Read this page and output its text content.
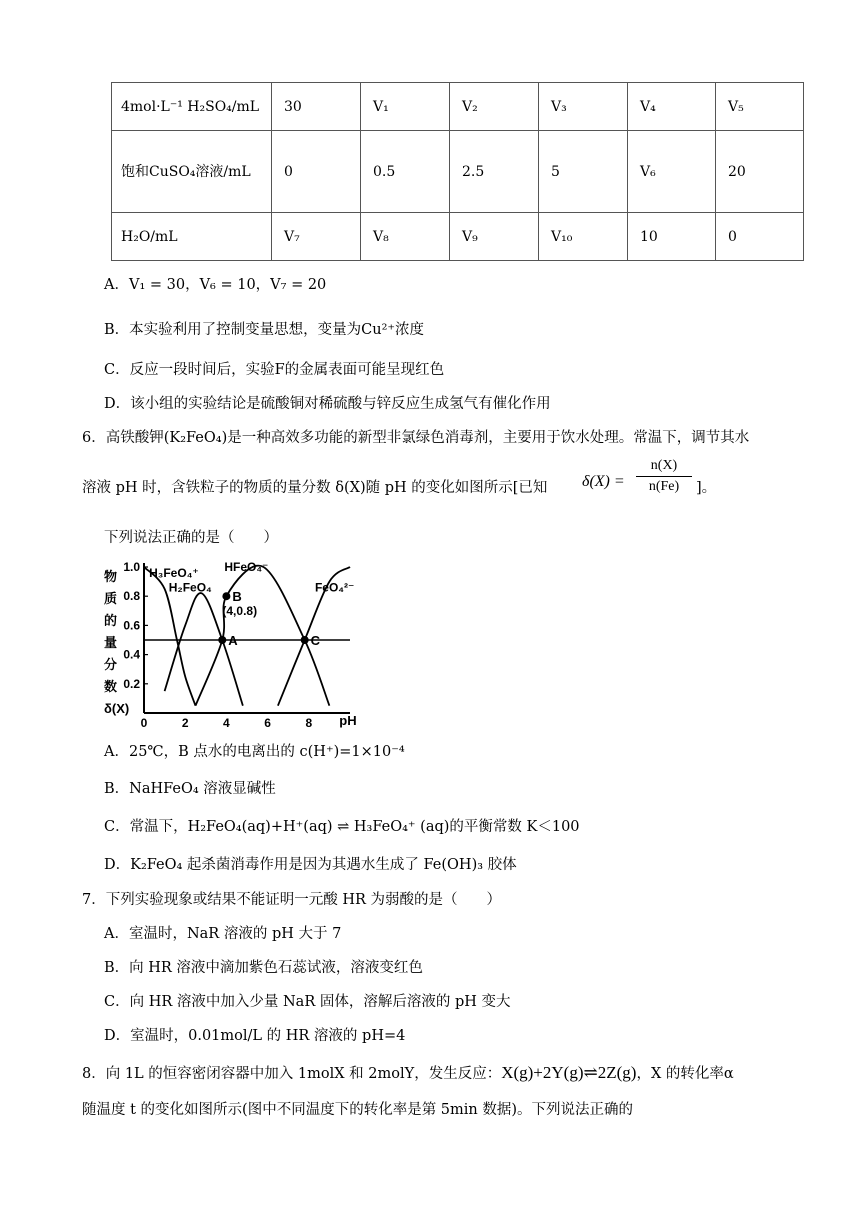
4mol·L⁻¹ H₂SO₄/mL	30	V₁	V₂	V₃	V₄	V₅
饱和CuSO₄溶液/mL	0	0.5	2.5	5	V₆	20
H₂O/mL	V₇	V₈	V₉	V₁₀	10	0
A．V₁ = 30，V₆ = 10，V₇ = 20
B．本实验利用了控制变量思想，变量为Cu²⁺浓度
C．反应一段时间后，实验F的金属表面可能呈现红色
D．该小组的实验结论是硫酸铜对稀硫酸与锌反应生成氢气有催化作用
6．高铁酸钾(K₂FeO₄)是一种高效多功能的新型非氯绿色消毒剂，主要用于饮水处理。常温下，调节其水
溶液 pH 时，含铁粒子的物质的量分数 δ(X)随 pH 的变化如图所示[已知 $\delta(X) = \frac{n(X)}{n(Fe)}$ ]。
下列说法正确的是（　　）
物
质
的
量
分
数
δ(X)
0.2
0.4
0.6
0.8
1.0
0	2	4	6	8 pH
H₃FeO₄⁺
H₂FeO₄
HFeO₄⁻
FeO₄²⁻
A
B
(4,0.8)
C
A．25℃，B 点水的电离出的 c(H⁺)=1×10⁻⁴
B．NaHFeO₄ 溶液显碱性
C．常温下，H₂FeO₄(aq)+H⁺(aq) ⇌ H₃FeO₄⁺ (aq)的平衡常数 K＜100
D．K₂FeO₄ 起杀菌消毒作用是因为其遇水生成了 Fe(OH)₃ 胶体
7．下列实验现象或结果不能证明一元酸 HR 为弱酸的是（　　）
A．室温时，NaR 溶液的 pH 大于 7
B．向 HR 溶液中滴加紫色石蕊试液，溶液变红色
C．向 HR 溶液中加入少量 NaR 固体，溶解后溶液的 pH 变大
D．室温时，0.01mol/L 的 HR 溶液的 pH=4
8．向 1L 的恒容密闭容器中加入 1molX 和 2molY，发生反应：X(g)+2Y(g)⇌2Z(g)，X 的转化率α
随温度 t 的变化如图所示(图中不同温度下的转化率是第 5min 数据)。下列说法正确的
